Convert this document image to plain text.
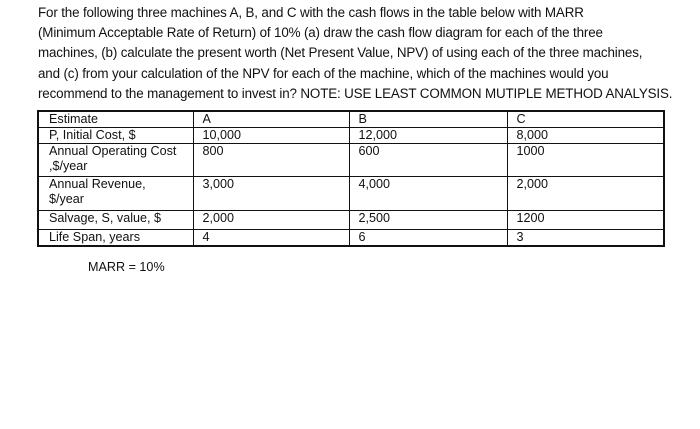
For the following three machines A, B, and C with the cash flows in the table below with MARR
(Minimum Acceptable Rate of Return) of 10% (a) draw the cash flow diagram for each of the three
machines, (b) calculate the present worth (Net Present Value, NPV) of using each of the three machines,
and (c) from your calculation of the NPV for each of the machine, which of the machines would you
recommend to the management to invest in? NOTE: USE LEAST COMMON MUTIPLE METHOD ANALYSIS.
Estimate	A	B	C
P, Initial Cost, $	10,000	12,000	8,000

Annual Operating Cost ,$/year	800	600	1000

Annual Revenue, $/year	3,000	4,000	2,000
Salvage, S, value, $	2,000	2,500	1200
Life Span, years	4	6	3
MARR = 10%
